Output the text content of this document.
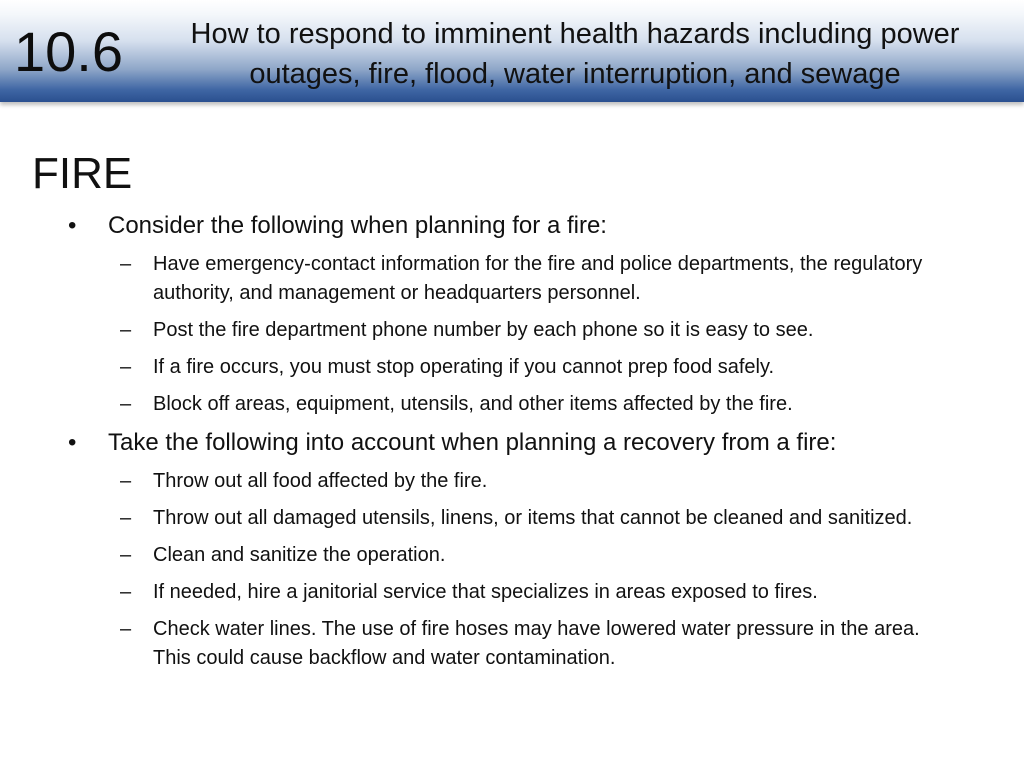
10.6	How to respond to imminent health hazards including power outages, fire, flood, water interruption, and sewage
FIRE
• Consider the following when planning for a fire:
– Have emergency-contact information for the fire and police departments, the regulatory authority, and management or headquarters personnel.
– Post the fire department phone number by each phone so it is easy to see.
– If a fire occurs, you must stop operating if you cannot prep food safely.
– Block off areas, equipment, utensils, and other items affected by the fire.
• Take the following into account when planning a recovery from a fire:
– Throw out all food affected by the fire.
– Throw out all damaged utensils, linens, or items that cannot be cleaned and sanitized.
– Clean and sanitize the operation.
– If needed, hire a janitorial service that specializes in areas exposed to fires.
– Check water lines. The use of fire hoses may have lowered water pressure in the area. This could cause backflow and water contamination.
